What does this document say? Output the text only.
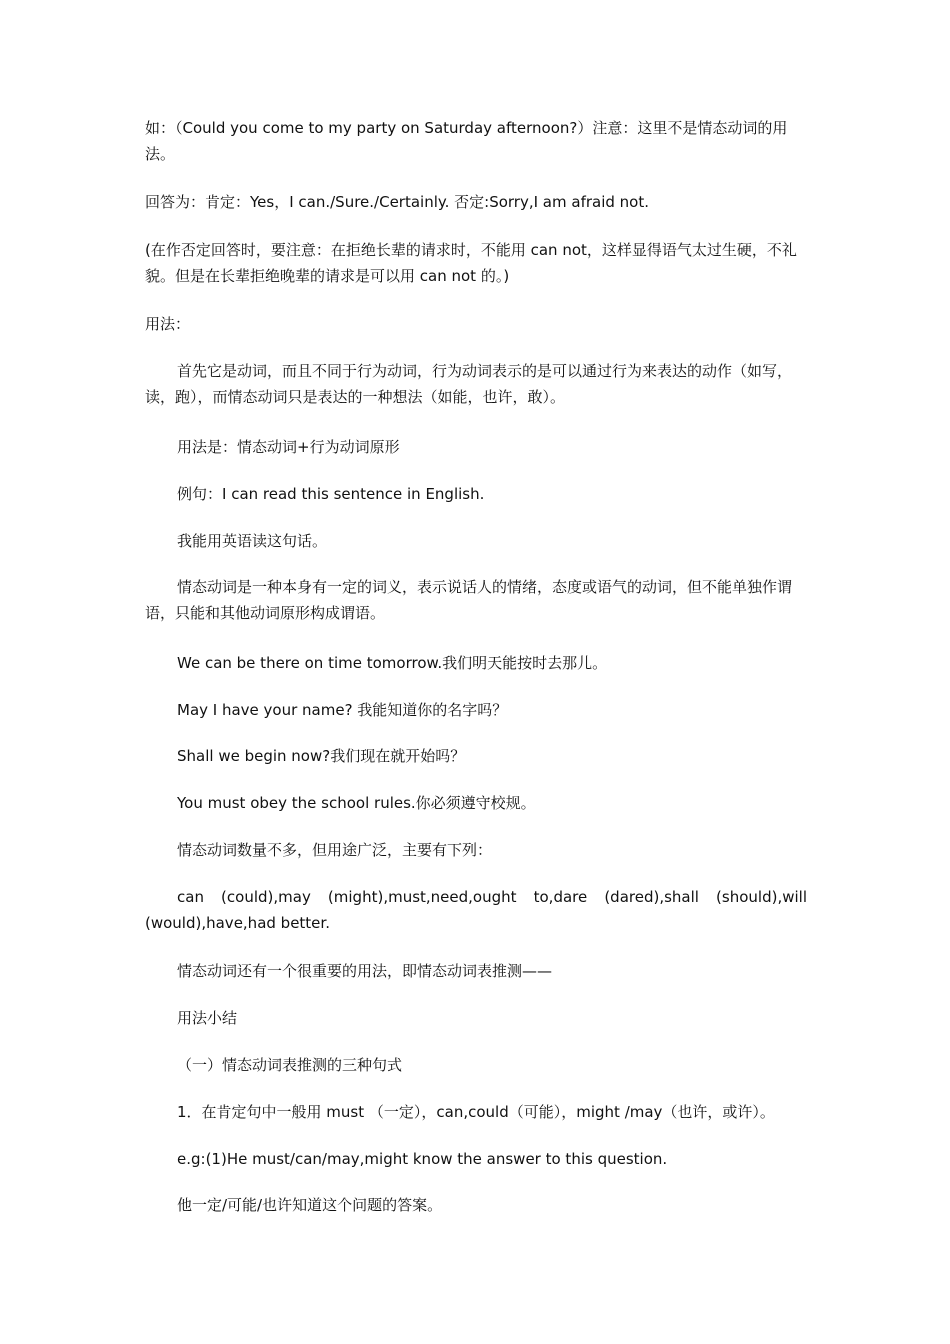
如：（Could you come to my party on Saturday afternoon?）注意：这里不是情态动词的用法。

回答为：肯定：Yes，I can./Sure./Certainly. 否定:Sorry,I am afraid not.

(在作否定回答时，要注意：在拒绝长辈的请求时，不能用 can not，这样显得语气太过生硬，不礼貌。但是在长辈拒绝晚辈的请求是可以用 can not 的。)

用法：

首先它是动词，而且不同于行为动词，行为动词表示的是可以通过行为来表达的动作（如写，读，跑），而情态动词只是表达的一种想法（如能，也许，敢）。

用法是：情态动词+行为动词原形

例句：I can read this sentence in English.

我能用英语读这句话。

情态动词是一种本身有一定的词义，表示说话人的情绪，态度或语气的动词，但不能单独作谓语，只能和其他动词原形构成谓语。

We can be there on time tomorrow.我们明天能按时去那儿。

May I have your name? 我能知道你的名字吗？

Shall we begin now?我们现在就开始吗？

You must obey the school rules.你必须遵守校规。

情态动词数量不多，但用途广泛，主要有下列：

can (could),may (might),must,need,ought to,dare (dared),shall (should),will (would),have,had better.

情态动词还有一个很重要的用法，即情态动词表推测——

用法小结

（一）情态动词表推测的三种句式

1．在肯定句中一般用 must （一定），can,could（可能），might /may（也许，或许）。

e.g:(1)He must/can/may,might know the answer to this question.

他一定/可能/也许知道这个问题的答案。
